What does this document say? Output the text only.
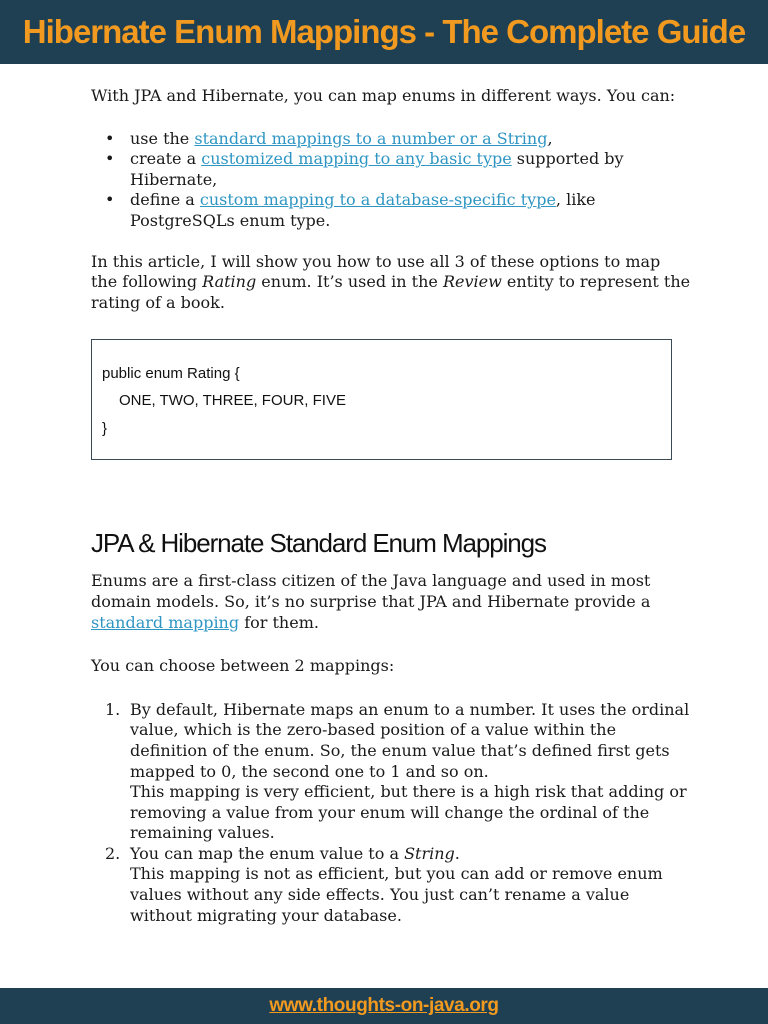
Hibernate Enum Mappings - The Complete Guide

With JPA and Hibernate, you can map enums in different ways. You can:

• use the standard mappings to a number or a String,
• create a customized mapping to any basic type supported by Hibernate,
• define a custom mapping to a database-specific type, like PostgreSQLs enum type.

In this article, I will show you how to use all 3 of these options to map the following Rating enum. It’s used in the Review entity to represent the rating of a book.

public enum Rating {
ONE, TWO, THREE, FOUR, FIVE
}
JPA & Hibernate Standard Enum Mappings

Enums are a first-class citizen of the Java language and used in most domain models. So, it’s no surprise that JPA and Hibernate provide a standard mapping for them.

You can choose between 2 mappings:

1. By default, Hibernate maps an enum to a number. It uses the ordinal value, which is the zero-based position of a value within the definition of the enum. So, the enum value that’s defined first gets mapped to 0, the second one to 1 and so on.
This mapping is very efficient, but there is a high risk that adding or removing a value from your enum will change the ordinal of the remaining values.
2. You can map the enum value to a String.
This mapping is not as efficient, but you can add or remove enum values without any side effects. You just can’t rename a value without migrating your database.
www.thoughts-on-java.org
